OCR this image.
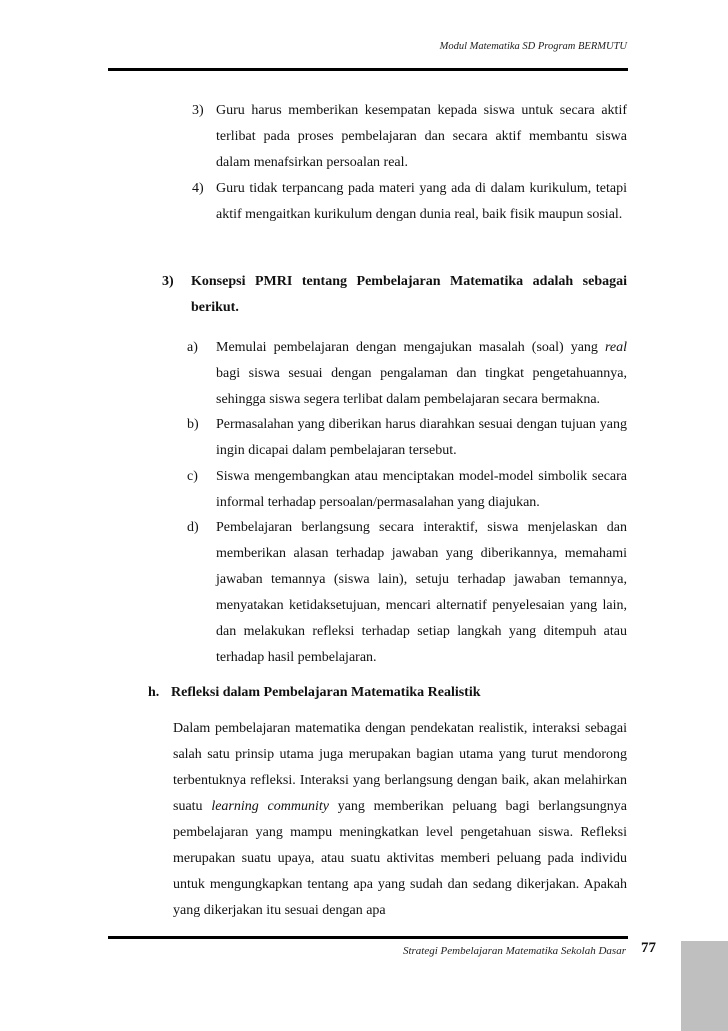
Modul Matematika SD Program BERMUTU
3) Guru harus memberikan kesempatan kepada siswa untuk secara aktif terlibat pada proses pembelajaran dan secara aktif membantu siswa dalam menafsirkan persoalan real.
4) Guru tidak terpancang pada materi yang ada di dalam kurikulum, tetapi aktif mengaitkan kurikulum dengan dunia real, baik fisik maupun sosial.
3) Konsepsi PMRI tentang Pembelajaran Matematika adalah sebagai berikut.
a) Memulai pembelajaran dengan mengajukan masalah (soal) yang real bagi siswa sesuai dengan pengalaman dan tingkat pengetahuannya, sehingga siswa segera terlibat dalam pembelajaran secara bermakna.
b) Permasalahan yang diberikan harus diarahkan sesuai dengan tujuan yang ingin dicapai dalam pembelajaran tersebut.
c) Siswa mengembangkan atau menciptakan model-model simbolik secara informal terhadap persoalan/permasalahan yang diajukan.
d) Pembelajaran berlangsung secara interaktif, siswa menjelaskan dan memberikan alasan terhadap jawaban yang diberikannya, memahami jawaban temannya (siswa lain), setuju terhadap jawaban temannya, menyatakan ketidaksetujuan, mencari alternatif penyelesaian yang lain, dan melakukan refleksi terhadap setiap langkah yang ditempuh atau terhadap hasil pembelajaran.
h. Refleksi dalam Pembelajaran Matematika Realistik
Dalam pembelajaran matematika dengan pendekatan realistik, interaksi sebagai salah satu prinsip utama juga merupakan bagian utama yang turut mendorong terbentuknya refleksi. Interaksi yang berlangsung dengan baik, akan melahirkan suatu learning community yang memberikan peluang bagi berlangsungnya pembelajaran yang mampu meningkatkan level pengetahuan siswa. Refleksi merupakan suatu upaya, atau suatu aktivitas memberi peluang pada individu untuk mengungkapkan tentang apa yang sudah dan sedang dikerjakan. Apakah yang dikerjakan itu sesuai dengan apa
Strategi Pembelajaran Matematika Sekolah Dasar 77
